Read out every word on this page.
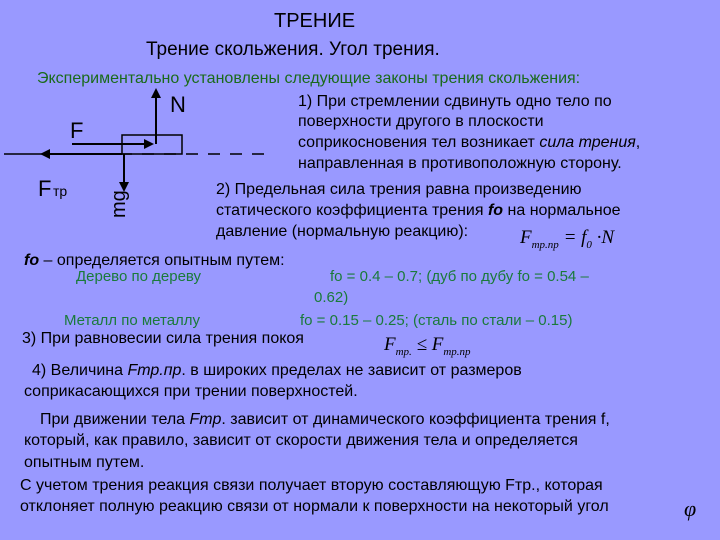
ТРЕНИЕ
Трение скольжения. Угол трения.
Экспериментально установлены следующие законы трения скольжения:
N
F
F тр mg
1) При стремлении сдвинуть одно тело по
поверхности другого в плоскости
соприкосновения тел возникает сила трения,
направленная в противоположную сторону.
2) Предельная сила трения равна произведению
статического коэффициента трения fo на нормальное
давление (нормальную реакцию):	$F_{тр.пр} = f_0 \cdot N$
fo – определяется опытным путем:
Дерево по дереву	fo = 0.4 – 0.7; (дуб по дубу fo = 0.54 –
0.62)
Металл по металлу	fo = 0.15 – 0.25; (сталь по стали – 0.15)
3) При равновесии сила трения покоя	$F_{тр.} \le F_{тр.пр}$
4) Величина Fтр.пр. в широких пределах не зависит от размеров
соприкасающихся при трении поверхностей.
При движении тела Fтр. зависит от динамического коэффициента трения f,
который, как правило, зависит от скорости движения тела и определяется
опытным путем.
С учетом трения реакция связи получает вторую составляющую Fтр., которая
отклоняет полную реакцию связи от нормали к поверхности на некоторый угол	φ
